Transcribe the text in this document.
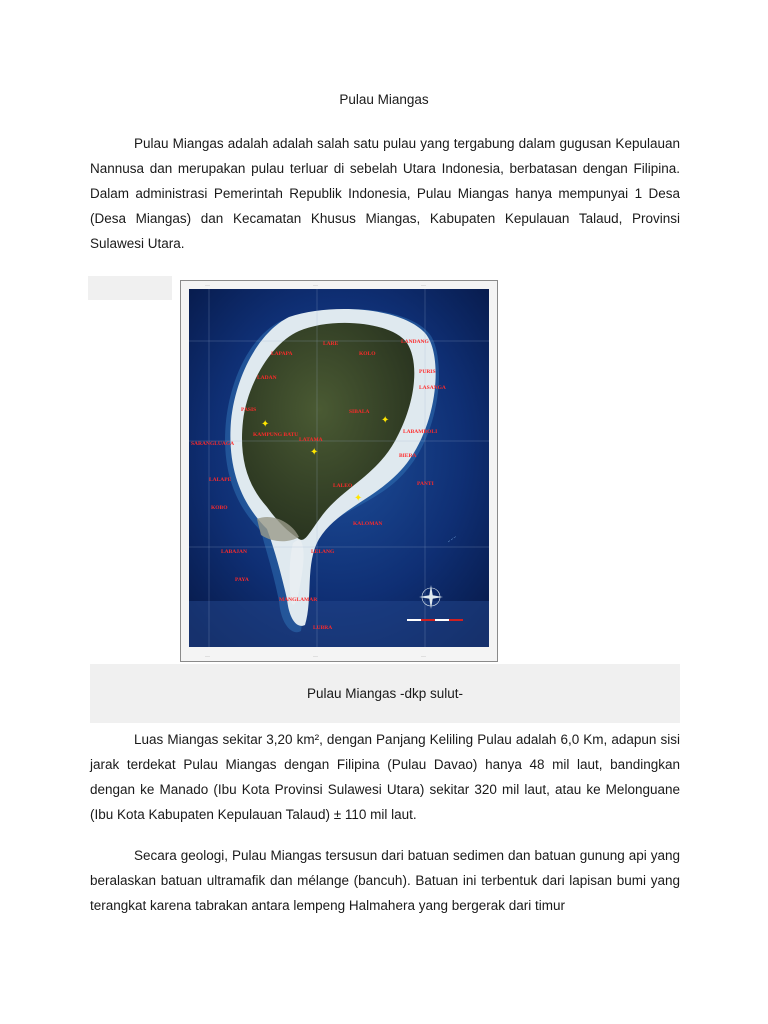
Pulau Miangas

Pulau Miangas adalah adalah salah satu pulau yang tergabung dalam gugusan Kepulauan Nannusa dan merupakan pulau terluar di sebelah Utara Indonesia, berbatasan dengan Filipina. Dalam administrasi Pemerintah Republik Indonesia, Pulau Miangas hanya mempunyai 1 Desa (Desa Miangas) dan Kecamatan Khusus Miangas, Kabupaten Kepulauan Talaud, Provinsi Sulawesi Utara.

∙∙∙∙∙	∙∙∙∙∙	∙∙∙∙∙
∙∙∙∙∙	∙∙∙∙∙	∙∙∙∙∙
LARE
KOLO
LANDANG
LAPAPA
LADAN
PURIS
LASANGA
PASIS	SIBALA
LABAMBOLI
KAMPUNG BATU
LATAMA
SARANGLUAGA
BIERA
LALAPE
LALEO	PANTI
KOBO
KALOMAN
LABAJAN	LELANG
PAYA
MANGLAMAR
LUBRA
✦	✦
✦
✦
~ ~ ~
Pulau Miangas -dkp sulut-

Luas Miangas sekitar 3,20 km², dengan Panjang Keliling Pulau adalah 6,0 Km, adapun sisi jarak terdekat Pulau Miangas dengan Filipina (Pulau Davao) hanya 48 mil laut, bandingkan dengan ke Manado (Ibu Kota Provinsi Sulawesi Utara) sekitar 320 mil laut, atau ke Melonguane (Ibu Kota Kabupaten Kepulauan Talaud) ± 110 mil laut.

Secara geologi, Pulau Miangas tersusun dari batuan sedimen dan batuan gunung api yang beralaskan batuan ultramafik dan mélange (bancuh). Batuan ini terbentuk dari lapisan bumi yang terangkat karena tabrakan antara lempeng Halmahera yang bergerak dari timur
